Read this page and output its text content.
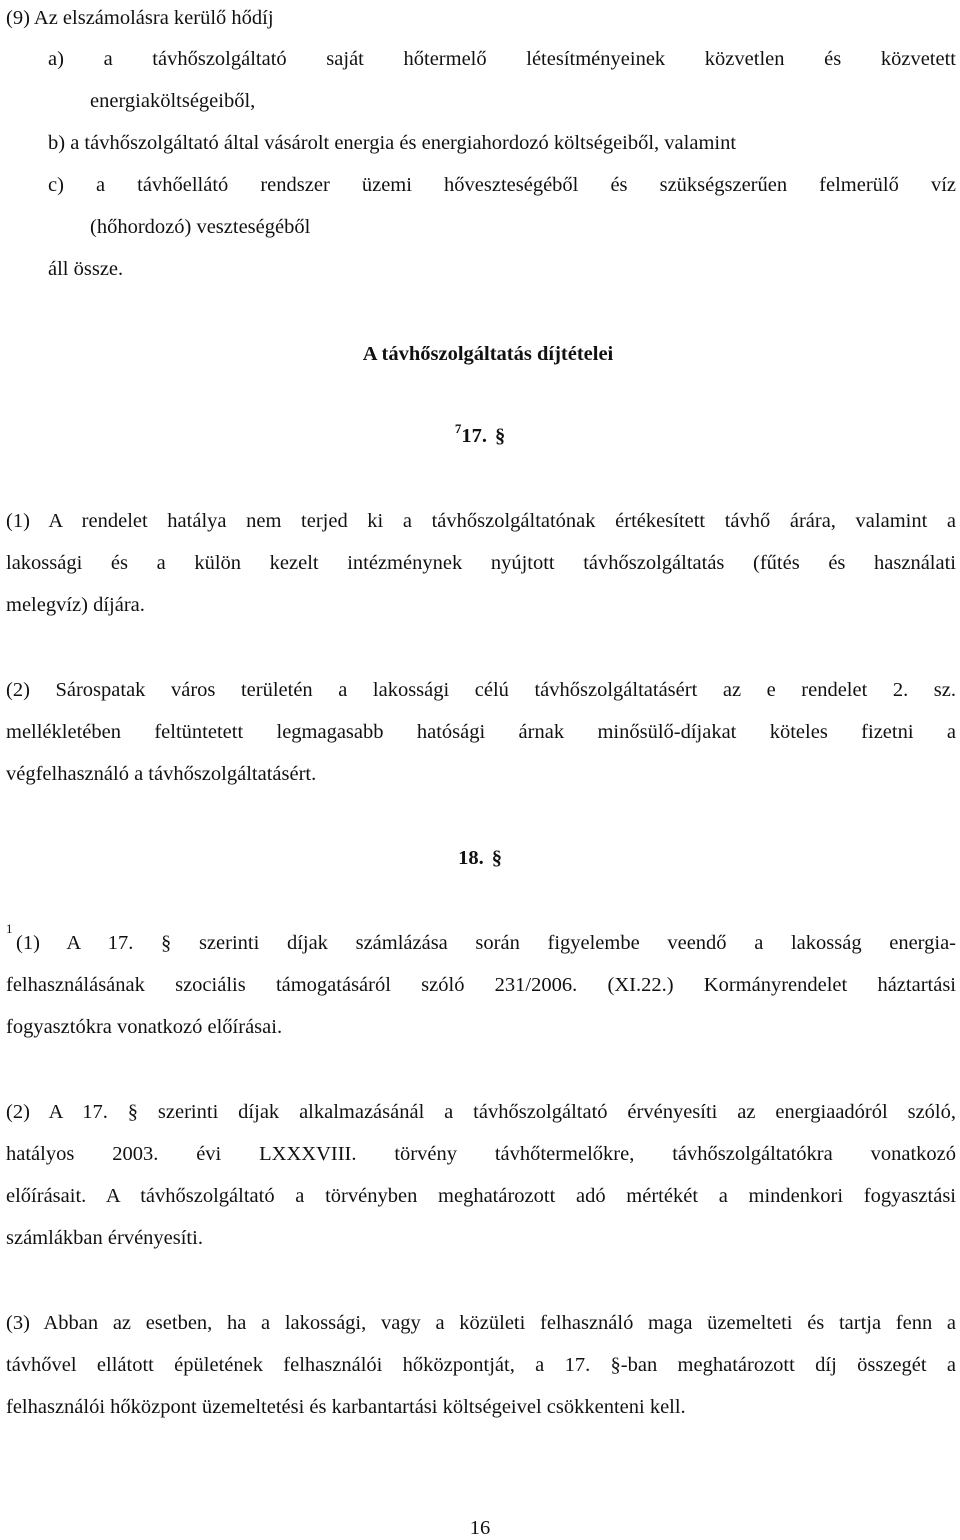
(9) Az elszámolásra kerülő hődíj
a) a távhőszolgáltató saját hőtermelő létesítményeinek közvetlen és közvetett
energiaköltségeiből,
b) a távhőszolgáltató által vásárolt energia és energiahordozó költségeiből, valamint
c) a távhőellátó rendszer üzemi hőveszteségéből és szükségszerűen felmerülő víz
(hőhordozó) veszteségéből
áll össze.
A távhőszolgáltatás díjtételei
$^7$17. §
(1) A rendelet hatálya nem terjed ki a távhőszolgáltatónak értékesített távhő árára, valamint a
lakossági és a külön kezelt intézménynek nyújtott távhőszolgáltatás (fűtés és használati
melegvíz) díjára.
(2) Sárospatak város területén a lakossági célú távhőszolgáltatásért az e rendelet 2. sz.
mellékletében feltüntetett legmagasabb hatósági árnak minősülő-díjakat köteles fizetni a
végfelhasználó a távhőszolgáltatásért.
18. §
1
(1) A 17. § szerinti díjak számlázása során figyelembe veendő a lakosság energia-
felhasználásának szociális támogatásáról szóló 231/2006. (XI.22.) Kormányrendelet háztartási
fogyasztókra vonatkozó előírásai.
(2) A 17. § szerinti díjak alkalmazásánál a távhőszolgáltató érvényesíti az energiaadóról szóló,
hatályos 2003. évi LXXXVIII. törvény távhőtermelőkre, távhőszolgáltatókra vonatkozó
előírásait. A távhőszolgáltató a törvényben meghatározott adó mértékét a mindenkori fogyasztási
számlákban érvényesíti.
(3) Abban az esetben, ha a lakossági, vagy a közületi felhasználó maga üzemelteti és tartja fenn a
távhővel ellátott épületének felhasználói hőközpontját, a 17. §-ban meghatározott díj összegét a
felhasználói hőközpont üzemeltetési és karbantartási költségeivel csökkenteni kell.
16
